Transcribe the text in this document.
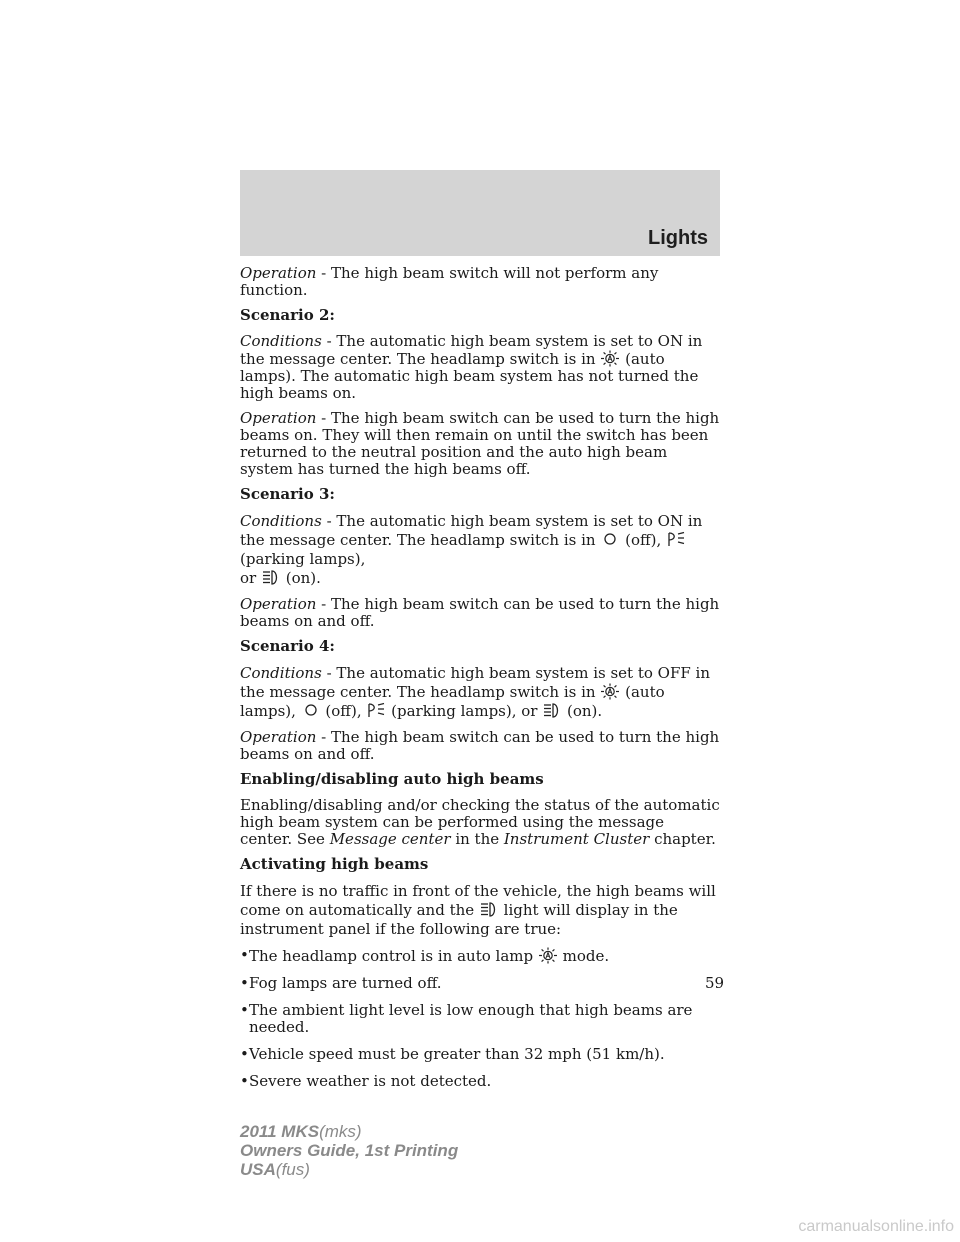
Lights

Operation - The high beam switch will not perform any function.

Scenario 2:

Conditions - The automatic high beam system is set to ON in the message center. The headlamp switch is in
(auto lamps). The automatic high beam system has not turned the high beams on.

Operation - The high beam switch can be used to turn the high beams on. They will then remain on until the switch has been returned to the neutral position and the auto high beam system has turned the high beams off.

Scenario 3:

Conditions - The automatic high beam system is set to ON in the message center. The headlamp switch is in
(off),
(parking lamps),
or
(on).

Operation - The high beam switch can be used to turn the high beams on and off.

Scenario 4:

Conditions - The automatic high beam system is set to OFF in the message center. The headlamp switch is in
(auto
lamps),
(off),
(parking lamps), or
(on).

Operation - The high beam switch can be used to turn the high beams on and off.

Enabling/disabling auto high beams

Enabling/disabling and/or checking the status of the automatic high beam system can be performed using the message center. See Message center in the Instrument Cluster chapter.

Activating high beams

If there is no traffic in front of the vehicle, the high beams will come on automatically and the
light will display in the instrument panel if the following are true:

• The headlamp control is in auto lamp
mode.
• Fog lamps are turned off.
• The ambient light level is low enough that high beams are needed.
• Vehicle speed must be greater than 32 mph (51 km/h).
• Severe weather is not detected.
59
2011 MKS(mks)
Owners Guide, 1st Printing
USA(fus)
carmanualsonline.info
